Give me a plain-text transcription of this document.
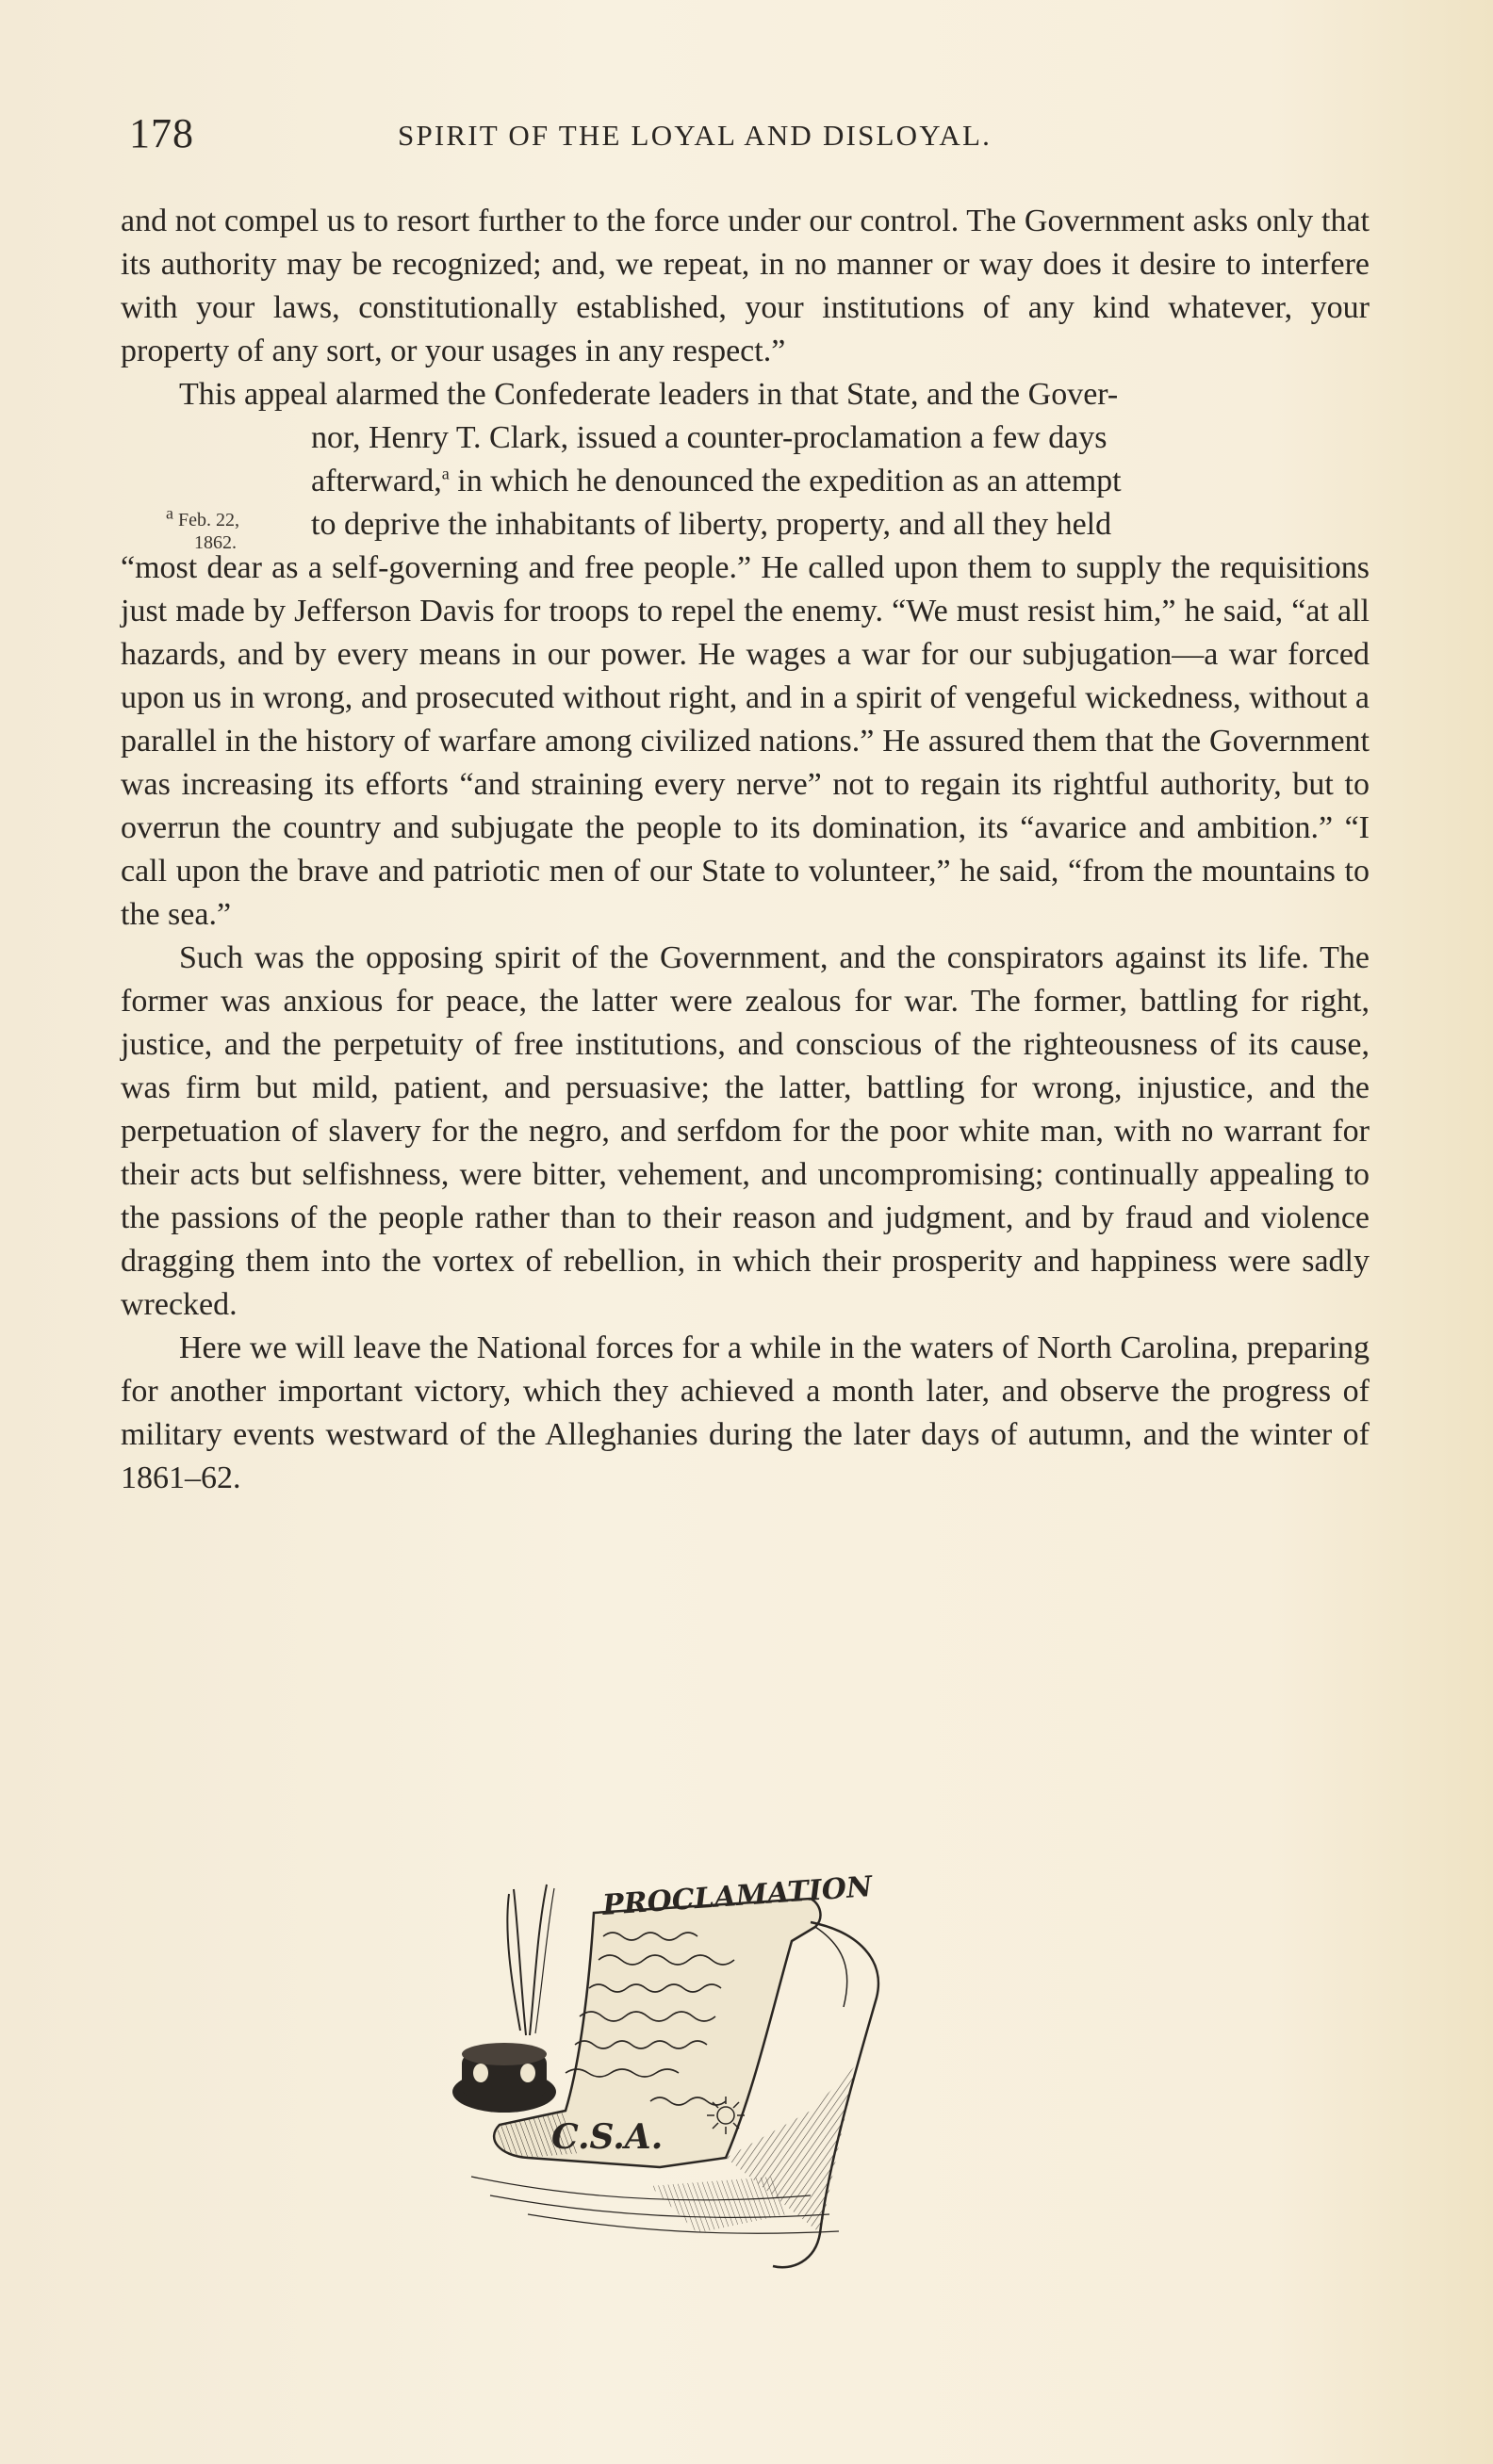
178	SPIRIT OF THE LOYAL AND DISLOYAL.
$^a$ Feb. 22,
1862.

and not compel us to resort further to the force under our control. The Government asks only that its authority may be recognized; and, we repeat, in no manner or way does it desire to interfere with your laws, constitutionally established, your institutions of any kind whatever, your property of any sort, or your usages in any respect.”

This appeal alarmed the Confederate leaders in that State, and the Gover-

nor, Henry T. Clark, issued a counter-proclamation a few days

afterward,$^a$ in which he denounced the expedition as an attempt

to deprive the inhabitants of liberty, property, and all they held

“most dear as a self-governing and free people.” He called upon them to supply the requisitions just made by Jefferson Davis for troops to repel the enemy. “We must resist him,” he said, “at all hazards, and by every means in our power. He wages a war for our subjugation—a war forced upon us in wrong, and prosecuted without right, and in a spirit of vengeful wickedness, without a parallel in the history of warfare among civilized nations.” He assured them that the Government was increasing its efforts “and straining every nerve” not to regain its rightful authority, but to overrun the country and subjugate the people to its domination, its “avarice and ambition.” “I call upon the brave and patriotic men of our State to volunteer,” he said, “from the mountains to the sea.”

Such was the opposing spirit of the Government, and the conspirators against its life. The former was anxious for peace, the latter were zealous for war. The former, battling for right, justice, and the perpetuity of free institutions, and conscious of the righteousness of its cause, was firm but mild, patient, and persuasive; the latter, battling for wrong, injustice, and the perpetuation of slavery for the negro, and serfdom for the poor white man, with no warrant for their acts but selfishness, were bitter, vehement, and uncompromising; continually appealing to the passions of the people rather than to their reason and judgment, and by fraud and violence dragging them into the vortex of rebellion, in which their prosperity and happiness were sadly wrecked.

Here we will leave the National forces for a while in the waters of North Carolina, preparing for another important victory, which they achieved a month later, and observe the progress of military events westward of the Alleghanies during the later days of autumn, and the winter of 1861–62.

PROCLAMATION
C.S.A.
